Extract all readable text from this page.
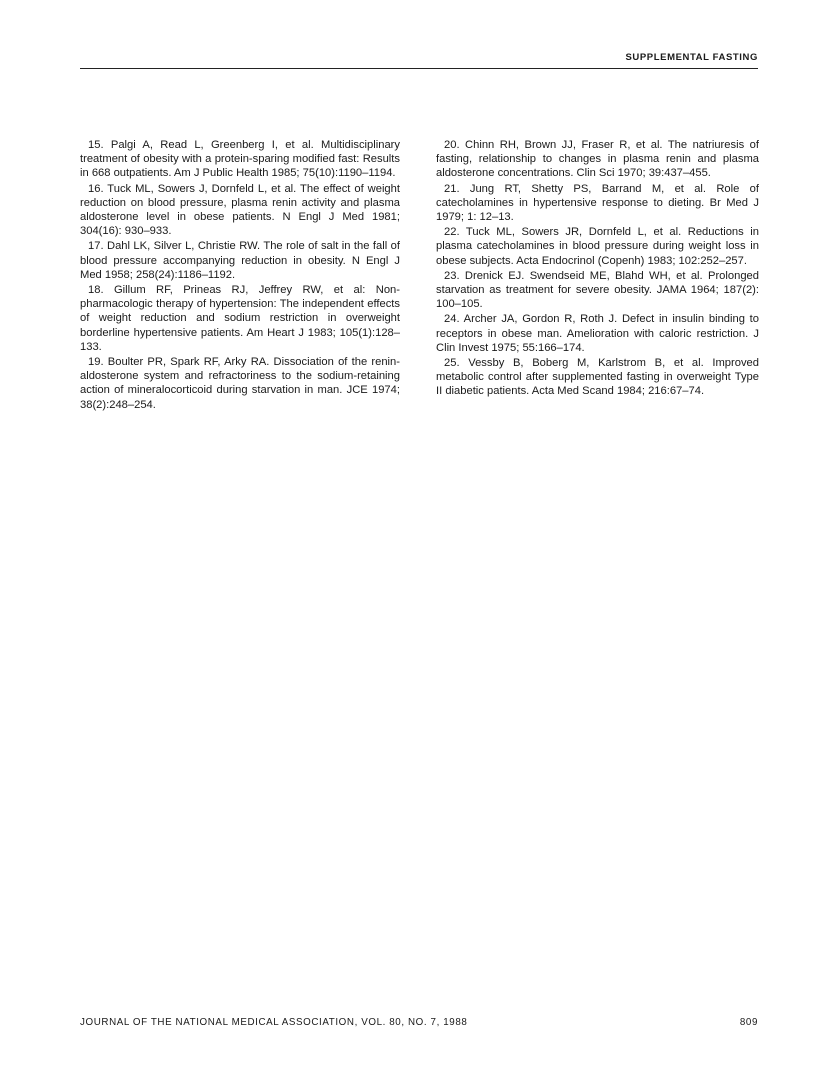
SUPPLEMENTAL FASTING

15. Palgi A, Read L, Greenberg I, et al. Multidisciplinary treatment of obesity with a protein-sparing modified fast: Results in 668 outpatients. Am J Public Health 1985; 75(10):1190–1194.

16. Tuck ML, Sowers J, Dornfeld L, et al. The effect of weight reduction on blood pressure, plasma renin activity and plasma aldosterone level in obese patients. N Engl J Med 1981; 304(16): 930–933.

17. Dahl LK, Silver L, Christie RW. The role of salt in the fall of blood pressure accompanying reduction in obesity. N Engl J Med 1958; 258(24):1186–1192.

18. Gillum RF, Prineas RJ, Jeffrey RW, et al: Non-pharmacologic therapy of hypertension: The independent effects of weight reduction and sodium restriction in overweight borderline hypertensive patients. Am Heart J 1983; 105(1):128–133.

19. Boulter PR, Spark RF, Arky RA. Dissociation of the renin-aldosterone system and refractoriness to the sodium-retaining action of mineralocorticoid during starvation in man. JCE 1974; 38(2):248–254.

20. Chinn RH, Brown JJ, Fraser R, et al. The natriuresis of fasting, relationship to changes in plasma renin and plasma aldosterone concentrations. Clin Sci 1970; 39:437–455.

21. Jung RT, Shetty PS, Barrand M, et al. Role of catecholamines in hypertensive response to dieting. Br Med J 1979; 1: 12–13.

22. Tuck ML, Sowers JR, Dornfeld L, et al. Reductions in plasma catecholamines in blood pressure during weight loss in obese subjects. Acta Endocrinol (Copenh) 1983; 102:252–257.

23. Drenick EJ. Swendseid ME, Blahd WH, et al. Prolonged starvation as treatment for severe obesity. JAMA 1964; 187(2): 100–105.

24. Archer JA, Gordon R, Roth J. Defect in insulin binding to receptors in obese man. Amelioration with caloric restriction. J Clin Invest 1975; 55:166–174.

25. Vessby B, Boberg M, Karlstrom B, et al. Improved metabolic control after supplemented fasting in overweight Type II diabetic patients. Acta Med Scand 1984; 216:67–74.

JOURNAL OF THE NATIONAL MEDICAL ASSOCIATION, VOL. 80, NO. 7, 1988	809
